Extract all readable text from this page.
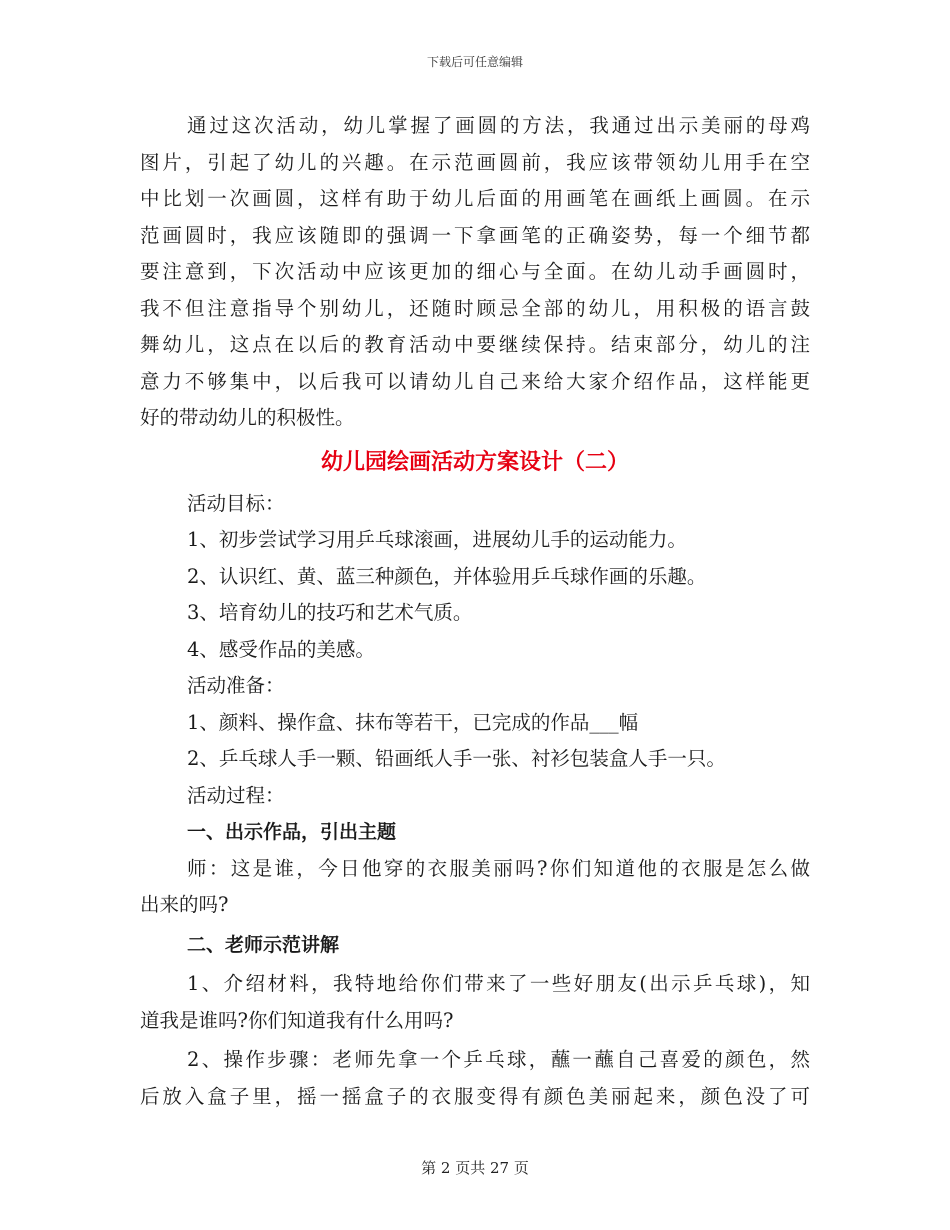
下载后可任意编辑
通过这次活动，幼儿掌握了画圆的方法，我通过出示美丽的母鸡
图片，引起了幼儿的兴趣。在示范画圆前，我应该带领幼儿用手在空
中比划一次画圆，这样有助于幼儿后面的用画笔在画纸上画圆。在示
范画圆时，我应该随即的强调一下拿画笔的正确姿势，每一个细节都
要注意到，下次活动中应该更加的细心与全面。在幼儿动手画圆时，
我不但注意指导个别幼儿，还随时顾忌全部的幼儿，用积极的语言鼓
舞幼儿，这点在以后的教育活动中要继续保持。结束部分，幼儿的注
意力不够集中，以后我可以请幼儿自己来给大家介绍作品，这样能更
好的带动幼儿的积极性。
幼儿园绘画活动方案设计（二）
活动目标：
1、初步尝试学习用乒乓球滚画，进展幼儿手的运动能力。
2、认识红、黄、蓝三种颜色，并体验用乒乓球作画的乐趣。
3、培育幼儿的技巧和艺术气质。
4、感受作品的美感。
活动准备：
1、颜料、操作盒、抹布等若干，已完成的作品___幅
2、乒乓球人手一颗、铅画纸人手一张、衬衫包装盒人手一只。
活动过程：
一、出示作品，引出主题
师：这是谁，今日他穿的衣服美丽吗?你们知道他的衣服是怎么做
出来的吗?
二、老师示范讲解
1、介绍材料，我特地给你们带来了一些好朋友(出示乒乓球)，知
道我是谁吗?你们知道我有什么用吗?
2、操作步骤：老师先拿一个乒乓球，蘸一蘸自己喜爱的颜色，然
后放入盒子里，摇一摇盒子的衣服变得有颜色美丽起来，颜色没了可
第 2 页共 27 页
